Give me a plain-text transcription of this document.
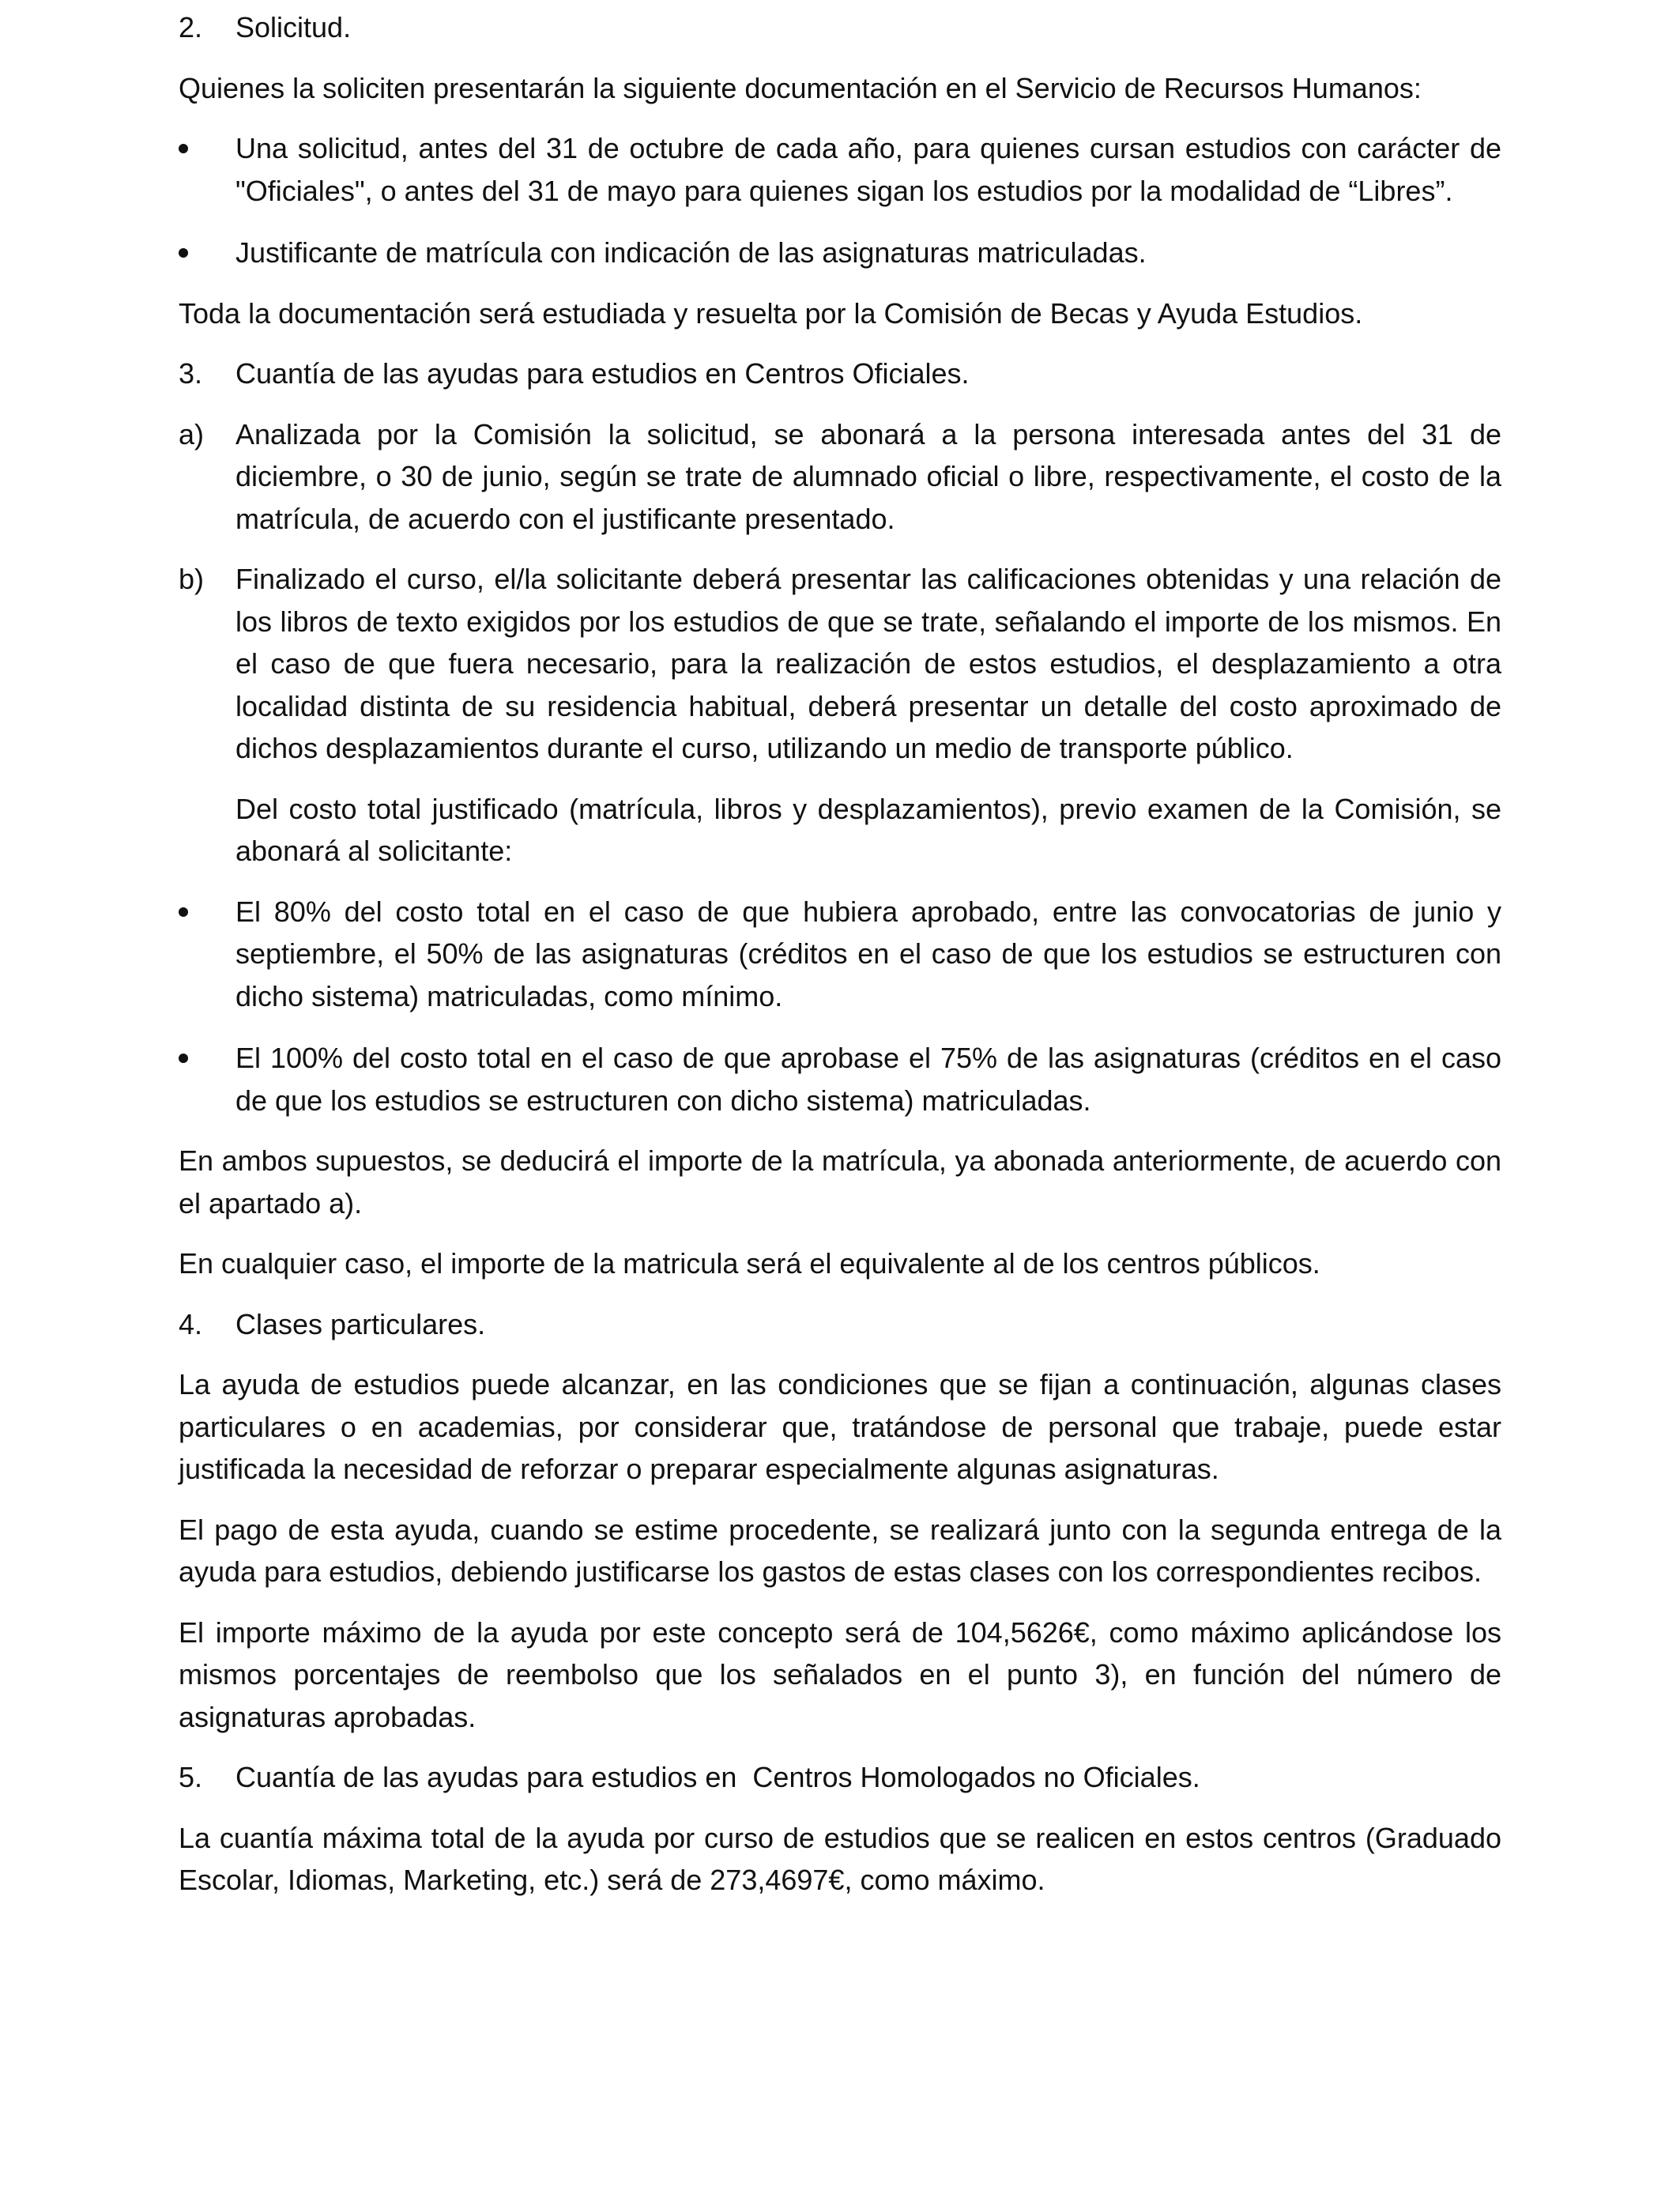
2.	Solicitud.

Quienes la soliciten presentarán la siguiente documentación en el Servicio de Recursos Humanos:

Una solicitud, antes del 31 de octubre de cada año, para quienes cursan estudios con carácter de "Oficiales", o antes del 31 de mayo para quienes sigan los estudios por la modalidad de “Libres”.
Justificante de matrícula con indicación de las asignaturas matriculadas.

Toda la documentación será estudiada y resuelta por la Comisión de Becas y Ayuda Estudios.

3.	Cuantía de las ayudas para estudios en Centros Oficiales.
a)	Analizada por la Comisión la solicitud, se abonará a la persona interesada antes del 31 de diciembre, o 30 de junio, según se trate de alumnado oficial o libre, respectivamente, el costo de la matrícula, de acuerdo con el justificante presentado.
b)	Finalizado el curso, el/la solicitante deberá presentar las calificaciones obtenidas y una relación de los libros de texto exigidos por los estudios de que se trate, señalando el importe de los mismos. En el caso de que fuera necesario, para la realización de estos estudios, el desplazamiento a otra localidad distinta de su residencia habitual, deberá presentar un detalle del costo aproximado de dichos desplazamientos durante el curso, utilizando un medio de transporte público.

Del costo total justificado (matrícula, libros y desplazamientos), previo examen de la Comisión, se abonará al solicitante:

El 80% del costo total en el caso de que hubiera aprobado, entre las convocatorias de junio y septiembre, el 50% de las asignaturas (créditos en el caso de que los estudios se estructuren con dicho sistema) matriculadas, como mínimo.
El 100% del costo total en el caso de que aprobase el 75% de las asignaturas (créditos en el caso de que los estudios se estructuren con dicho sistema) matriculadas.

En ambos supuestos, se deducirá el importe de la matrícula, ya abonada anteriormente, de acuerdo con el apartado a).

En cualquier caso, el importe de la matricula será el equivalente al de los centros públicos.

4.	Clases particulares.

La ayuda de estudios puede alcanzar, en las condiciones que se fijan a continuación, algunas clases particulares o en academias, por considerar que, tratándose de personal que trabaje, puede estar justificada la necesidad de reforzar o preparar especialmente algunas asignaturas.

El pago de esta ayuda, cuando se estime procedente, se realizará junto con la segunda entrega de la ayuda para estudios, debiendo justificarse los gastos de estas clases con los correspondientes recibos.

El importe máximo de la ayuda por este concepto será de 104,5626€, como máximo aplicándose los mismos porcentajes de reembolso que los señalados en el punto 3), en función del número de asignaturas aprobadas.

5.	Cuantía de las ayudas para estudios en  Centros Homologados no Oficiales.

La cuantía máxima total de la ayuda por curso de estudios que se realicen en estos centros (Graduado Escolar, Idiomas, Marketing, etc.) será de 273,4697€, como máximo.
